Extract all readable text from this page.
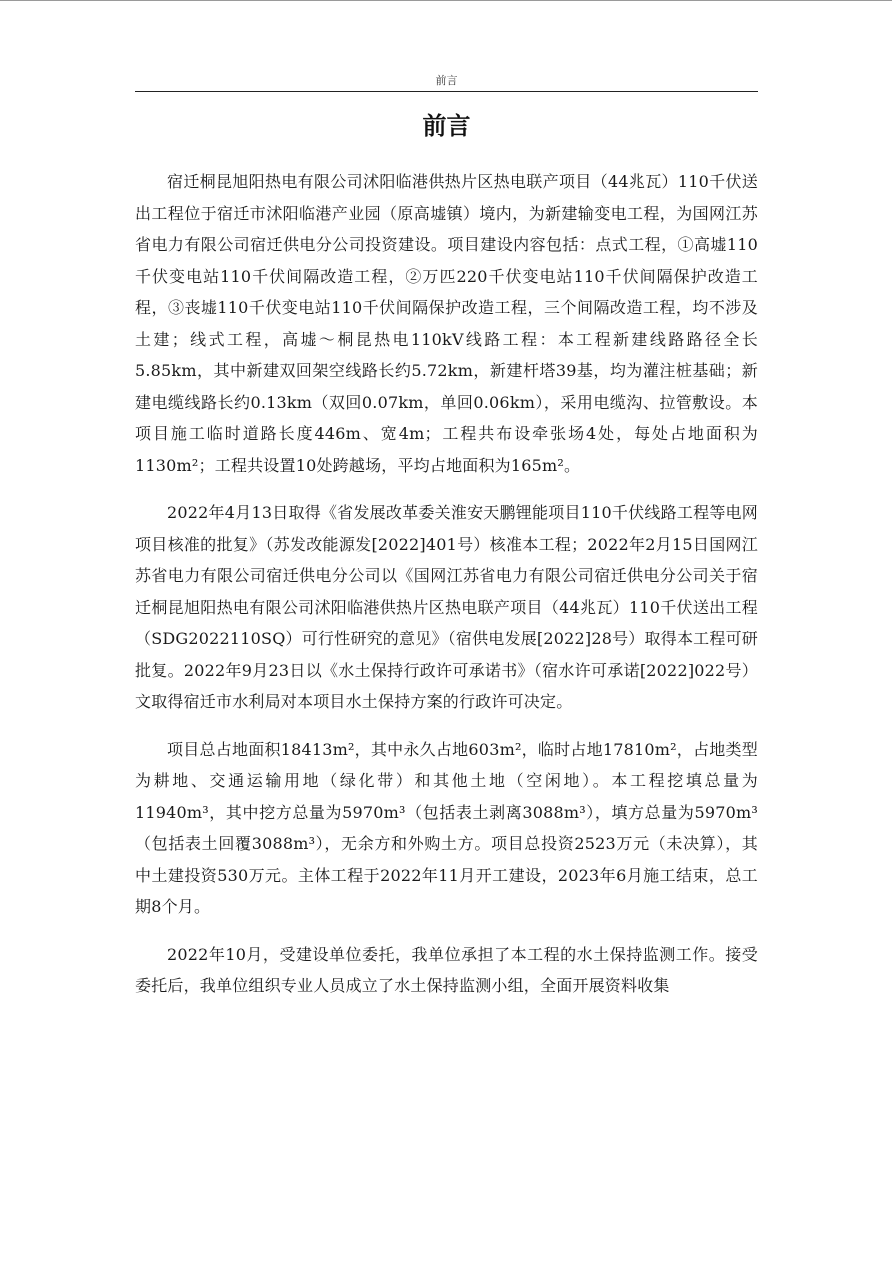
前言
前言

宿迁桐昆旭阳热电有限公司沭阳临港供热片区热电联产项目（44兆瓦）110千伏送出工程位于宿迁市沭阳临港产业园（原高墟镇）境内，为新建输变电工程，为国网江苏省电力有限公司宿迁供电分公司投资建设。项目建设内容包括：点式工程，①高墟110千伏变电站110千伏间隔改造工程，②万匹220千伏变电站110千伏间隔保护改造工程，③丧墟110千伏变电站110千伏间隔保护改造工程，三个间隔改造工程，均不涉及土建；线式工程，高墟～桐昆热电110kV线路工程：本工程新建线路路径全长5.85km，其中新建双回架空线路长约5.72km，新建杆塔39基，均为灌注桩基础；新建电缆线路长约0.13km（双回0.07km，单回0.06km），采用电缆沟、拉管敷设。本项目施工临时道路长度446m、宽4m；工程共布设牵张场4处，每处占地面积为1130m²；工程共设置10处跨越场，平均占地面积为165m²。

2022年4月13日取得《省发展改革委关淮安天鹏锂能项目110千伏线路工程等电网项目核准的批复》（苏发改能源发[2022]401号）核准本工程；2022年2月15日国网江苏省电力有限公司宿迁供电分公司以《国网江苏省电力有限公司宿迁供电分公司关于宿迁桐昆旭阳热电有限公司沭阳临港供热片区热电联产项目（44兆瓦）110千伏送出工程（SDG2022110SQ）可行性研究的意见》（宿供电发展[2022]28号）取得本工程可研批复。2022年9月23日以《水土保持行政许可承诺书》（宿水许可承诺[2022]022号）文取得宿迁市水利局对本项目水土保持方案的行政许可决定。

项目总占地面积18413m²，其中永久占地603m²，临时占地17810m²，占地类型为耕地、交通运输用地（绿化带）和其他土地（空闲地）。本工程挖填总量为11940m³，其中挖方总量为5970m³（包括表土剥离3088m³），填方总量为5970m³（包括表土回覆3088m³），无余方和外购土方。项目总投资2523万元（未决算），其中土建投资530万元。主体工程于2022年11月开工建设，2023年6月施工结束，总工期8个月。

2022年10月，受建设单位委托，我单位承担了本工程的水土保持监测工作。接受委托后，我单位组织专业人员成立了水土保持监测小组，全面开展资料收集
